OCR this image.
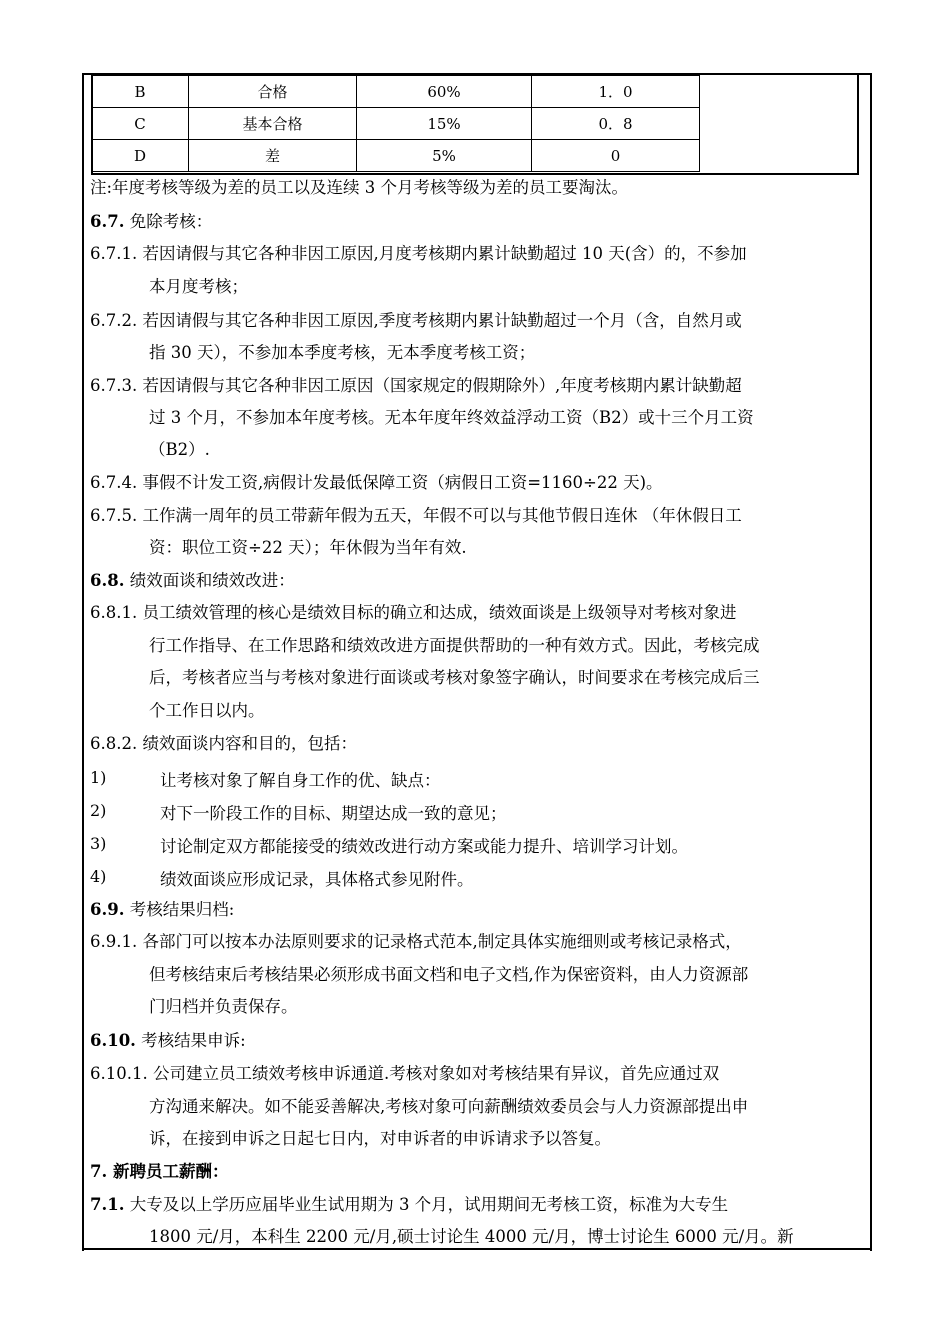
B	合格	60%	1．0	
C	基本合格	15%	0．8	
D	差	5%	0	
注:年度考核等级为差的员工以及连续 3 个月考核等级为差的员工要淘汰。
6.7. 免除考核：
6.7.1. 若因请假与其它各种非因工原因,月度考核期内累计缺勤超过 10 天(含）的，不参加
本月度考核；
6.7.2. 若因请假与其它各种非因工原因,季度考核期内累计缺勤超过一个月（含，自然月或
指 30 天），不参加本季度考核，无本季度考核工资；
6.7.3. 若因请假与其它各种非因工原因（国家规定的假期除外）,年度考核期内累计缺勤超
过 3 个月，不参加本年度考核。无本年度年终效益浮动工资（B2）或十三个月工资
（B2）.
6.7.4. 事假不计发工资,病假计发最低保障工资（病假日工资=1160÷22 天)。
6.7.5. 工作满一周年的员工带薪年假为五天，年假不可以与其他节假日连休 （年休假日工
资：职位工资÷22 天）；年休假为当年有效.
6.8. 绩效面谈和绩效改进：
6.8.1. 员工绩效管理的核心是绩效目标的确立和达成，绩效面谈是上级领导对考核对象进
行工作指导、在工作思路和绩效改进方面提供帮助的一种有效方式。因此，考核完成
后，考核者应当与考核对象进行面谈或考核对象签字确认，时间要求在考核完成后三
个工作日以内。
6.8.2. 绩效面谈内容和目的，包括：
1)	让考核对象了解自身工作的优、缺点：
2)	对下一阶段工作的目标、期望达成一致的意见；
3)	讨论制定双方都能接受的绩效改进行动方案或能力提升、培训学习计划。
4)	绩效面谈应形成记录，具体格式参见附件。
6.9. 考核结果归档:
6.9.1. 各部门可以按本办法原则要求的记录格式范本,制定具体实施细则或考核记录格式，
但考核结束后考核结果必须形成书面文档和电子文档,作为保密资料，由人力资源部
门归档并负责保存。
6.10. 考核结果申诉:
6.10.1. 公司建立员工绩效考核申诉通道.考核对象如对考核结果有异议，首先应通过双
方沟通来解决。如不能妥善解决,考核对象可向薪酬绩效委员会与人力资源部提出申
诉，在接到申诉之日起七日内，对申诉者的申诉请求予以答复。
7. 新聘员工薪酬：
7.1. 大专及以上学历应届毕业生试用期为 3 个月，试用期间无考核工资，标准为大专生
1800 元/月，本科生 2200 元/月,硕士讨论生 4000 元/月，博士讨论生 6000 元/月。新
